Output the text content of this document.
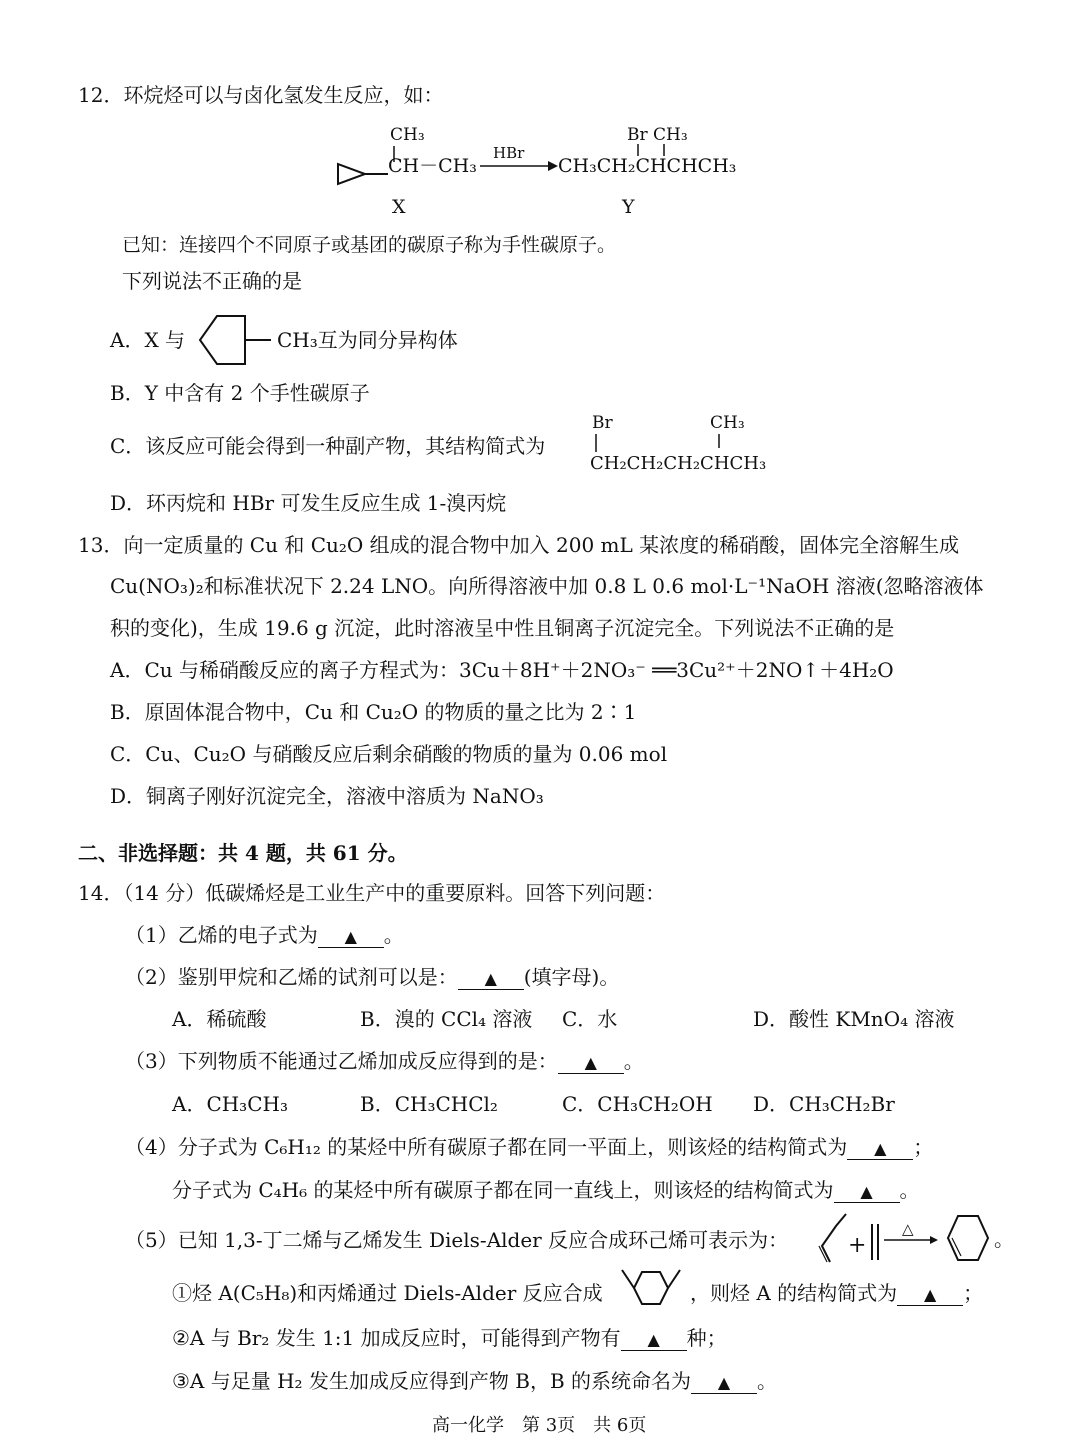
12．环烷烃可以与卤化氢发生反应，如：
CH₃
CH－CH₃
HBr
Br CH₃
CH₃CH₂CHCHCH₃
X	Y
已知：连接四个不同原子或基团的碳原子称为手性碳原子。
下列说法不正确的是
A．X 与	CH₃互为同分异构体
B．Y 中含有 2 个手性碳原子
C．该反应可能会得到一种副产物，其结构简式为
Br	CH₃
CH₂CH₂CH₂CHCH₃
D．环丙烷和 HBr 可发生反应生成 1-溴丙烷
13．向一定质量的 Cu 和 Cu₂O 组成的混合物中加入 200 mL 某浓度的稀硝酸，固体完全溶解生成
Cu(NO₃)₂和标准状况下 2.24 LNO。向所得溶液中加 0.8 L 0.6 mol·L⁻¹NaOH 溶液(忽略溶液体
积的变化)，生成 19.6 g 沉淀，此时溶液呈中性且铜离子沉淀完全。下列说法不正确的是
A．Cu 与稀硝酸反应的离子方程式为：3Cu＋8H⁺＋2NO₃⁻ ══3Cu²⁺＋2NO↑＋4H₂O
B．原固体混合物中，Cu 和 Cu₂O 的物质的量之比为 2∶1
C．Cu、Cu₂O 与硝酸反应后剩余硝酸的物质的量为 0.06 mol
D．铜离子刚好沉淀完全，溶液中溶质为 NaNO₃
二、非选择题：共 4 题，共 61 分。
14．（14 分）低碳烯烃是工业生产中的重要原料。回答下列问题：
（1）乙烯的电子式为 ▲ 。
（2）鉴别甲烷和乙烯的试剂可以是： ▲ (填字母)。
A．稀硫酸	B．溴的 CCl₄ 溶液 C．水	D．酸性 KMnO₄ 溶液
（3）下列物质不能通过乙烯加成反应得到的是： ▲ 。
A．CH₃CH₃	B．CH₃CHCl₂	C．CH₃CH₂OH D．CH₃CH₂Br
（4）分子式为 C₆H₁₂ 的某烃中所有碳原子都在同一平面上，则该烃的结构简式为 ▲ ；
分子式为 C₄H₆ 的某烃中所有碳原子都在同一直线上，则该烃的结构简式为 ▲ 。
（5）已知 1,3-丁二烯与乙烯发生 Diels-Alder 反应合成环己烯可表示为：	+
△	。
①烃 A(C₅H₈)和丙烯通过 Diels-Alder 反应合成	，则烃 A 的结构简式为 ▲ ；
②A 与 Br₂ 发生 1:1 加成反应时，可能得到产物有 ▲ 种；
③A 与足量 H₂ 发生加成反应得到产物 B，B 的系统命名为 ▲ 。
高一化学　第 3页　共 6页
